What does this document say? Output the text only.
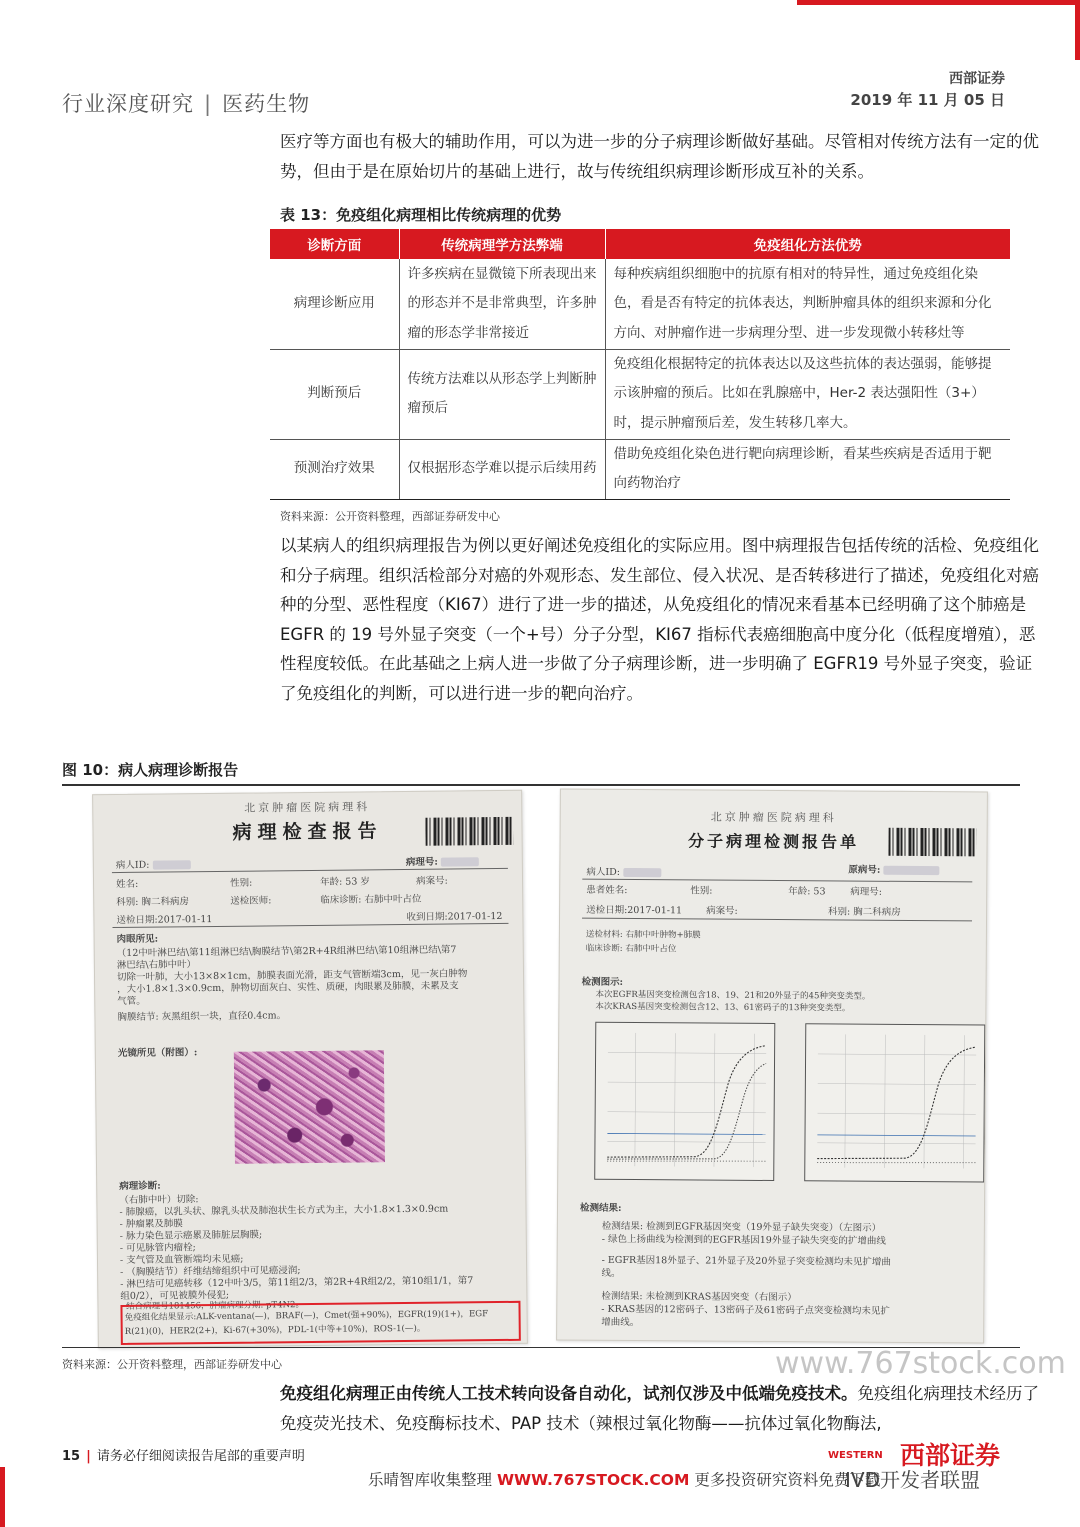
行业深度研究 | 医药生物
西部证券
2019 年 11 月 05 日
医疗等方面也有极大的辅助作用，可以为进一步的分子病理诊断做好基础。尽管相对传统方法有一定的优势，但由于是在原始切片的基础上进行，故与传统组织病理诊断形成互补的关系。
表 13：免疫组化病理相比传统病理的优势
诊断方面	传统病理学方法弊端	免疫组化方法优势
病理诊断应用	许多疾病在显微镜下所表现出来的形态并不是非常典型，许多肿瘤的形态学非常接近	每种疾病组织细胞中的抗原有相对的特异性，通过免疫组化染色，看是否有特定的抗体表达，判断肿瘤具体的组织来源和分化方向、对肿瘤作进一步病理分型、进一步发现微小转移灶等
判断预后	传统方法难以从形态学上判断肿瘤预后	免疫组化根据特定的抗体表达以及这些抗体的表达强弱，能够提示该肿瘤的预后。比如在乳腺癌中，Her-2 表达强阳性（3+）时，提示肿瘤预后差，发生转移几率大。
预测治疗效果	仅根据形态学难以提示后续用药	借助免疫组化染色进行靶向病理诊断，看某些疾病是否适用于靶向药物治疗
资料来源：公开资料整理，西部证券研发中心
以某病人的组织病理报告为例以更好阐述免疫组化的实际应用。图中病理报告包括传统的活检、免疫组化和分子病理。组织活检部分对癌的外观形态、发生部位、侵入状况、是否转移进行了描述，免疫组化对癌种的分型、恶性程度（KI67）进行了进一步的描述，从免疫组化的情况来看基本已经明确了这个肺癌是 EGFR 的 19 号外显子突变（一个+号）分子分型，KI67 指标代表癌细胞高中度分化（低程度增殖），恶性程度较低。在此基础之上病人进一步做了分子病理诊断，进一步明确了 EGFR19 号外显子突变，验证了免疫组化的判断，可以进行进一步的靶向治疗。
图 10：病人病理诊断报告
北京肿瘤医院病理科
病理检查报告
病人ID:	病理号:
姓名:	性别:	年龄: 53 岁	病案号:
科别: 胸二科病房	送检医师:	临床诊断: 右肺中叶占位
送检日期:2017-01-11	收到日期:2017-01-12
肉眼所见:
（12中叶淋巴结\第11组淋巴结\胸膜结节\第2R+4R组淋巴结\第10组淋巴结\第7
淋巴结\右肺中叶）
切除一叶肺，大小13×8×1cm，肺膜表面光滑，距支气管断端3cm，见一灰白肿物
，大小1.8×1.3×0.9cm，肿物切面灰白、实性、质硬，肉眼累及肺膜，未累及支
气管。
胸膜结节: 灰黑组织一块，直径0.4cm。
光镜所见（附图）:
病理诊断:
（右肺中叶）切除:
- 肺腺癌，以乳头状、腺乳头状及肺泡状生长方式为主，大小1.8×1.3×0.9cm
- 肿瘤累及肺膜
- 脉力染色显示癌累及肺脏层胸膜;
- 可见脉管内瘤栓;
- 支气管及血管断端均未见癌;
- （胸膜结节）纤维结缔组织中可见癌浸润;
- 淋巴结可见癌转移（12中叶3/5，第11组2/3，第2R+4R组2/2，第10组1/1，第7
组0/2），可见被膜外侵犯;
- 结合病理号181456，肿瘤病理分期: pT4N2。
免疫组化结果显示:ALK-ventana(—)，BRAF(—)，Cmet(强+90%)，EGFR(19)(1+)，EGF
R(21)(0)，HER2(2+)，Ki-67(+30%)，PDL-1(中等+10%)，ROS-1(—)。
北京肿瘤医院病理科
分子病理检测报告单
病人ID:	原病号:
患者姓名:	性别:	年龄: 53	病理号:
送检日期:2017-01-11	病案号:	科别: 胸二科病房
送检材料: 右肺中叶肿物+肺膜
临床诊断: 右肺中叶占位
检测图示:
本次EGFR基因突变检测包含18、19、21和20外显子的45种突变类型。
本次KRAS基因突变检测包含12、13、61密码子的13种突变类型。
检测结果:
检测结果: 检测到EGFR基因突变（19外显子缺失突变）（左图示）
- 绿色上扬曲线为检测到的EGFR基因19外显子缺失突变的扩增曲线
- EGFR基因18外显子、21外显子及20外显子突变检测均未见扩增曲
线。
检测结果: 未检测到KRAS基因突变（右图示）
- KRAS基因的12密码子、13密码子及61密码子点突变检测均未见扩
增曲线。
资料来源：公开资料整理，西部证券研发中心	www.767stock.com
免疫组化病理正由传统人工技术转向设备自动化，试剂仅涉及中低端免疫技术。免疫组化病理技术经历了免疫荧光技术、免疫酶标技术、PAP 技术（辣根过氧化物酶——抗体过氧化物酶法,
15 | 请务必仔细阅读报告尾部的重要声明	WESTERN 西部证券
乐晴智库收集整理 WWW.767STOCK.COM 更多投资研究资料免费下载
IVD开发者联盟
